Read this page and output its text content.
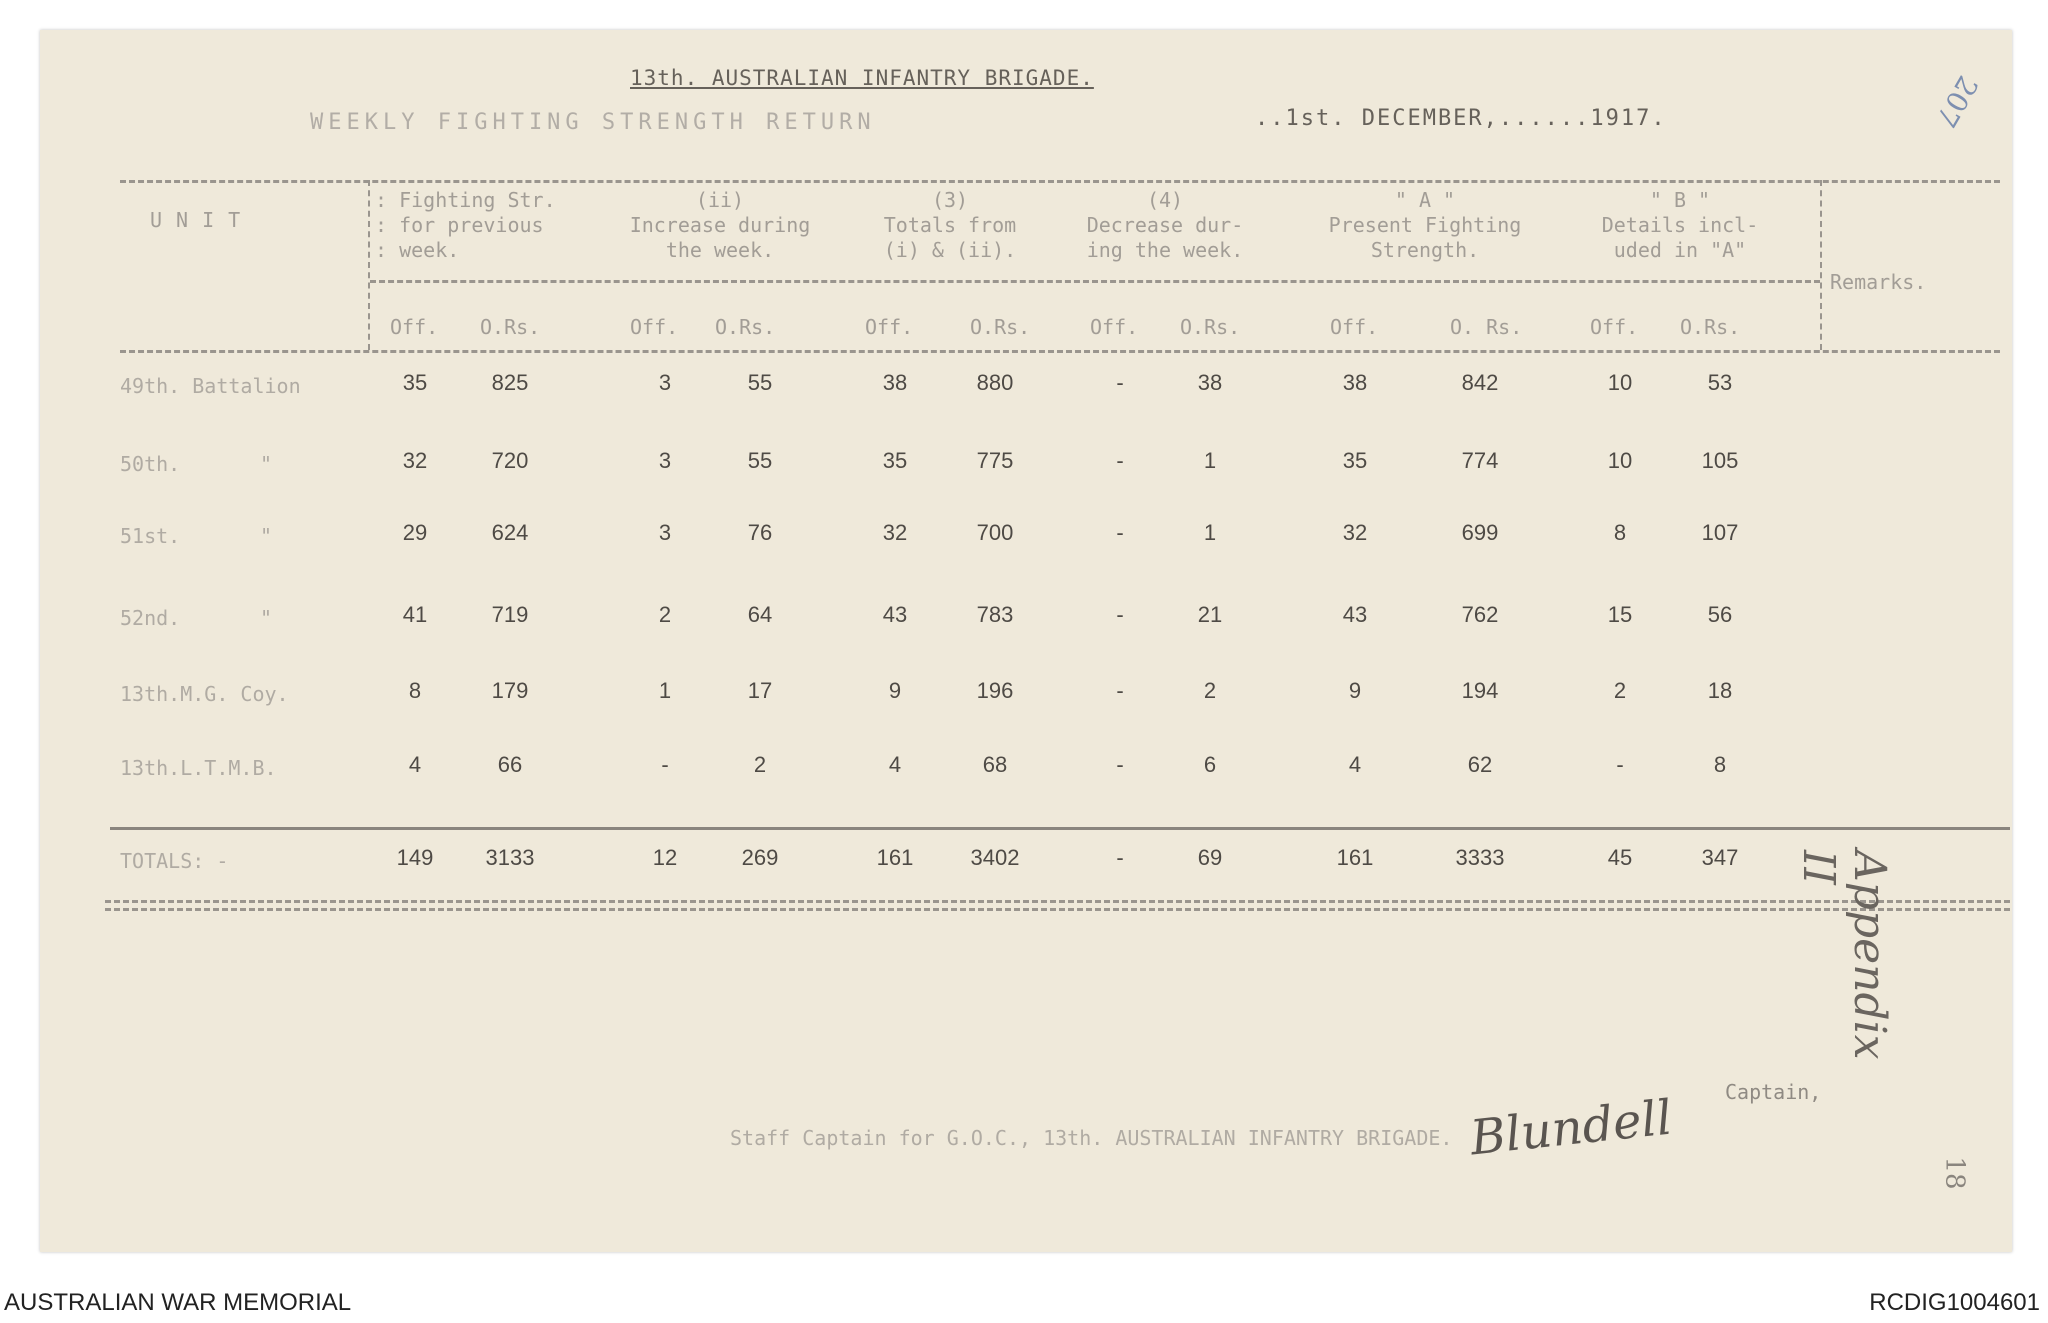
13th. AUSTRALIAN INFANTRY BRIGADE.
WEEKLY FIGHTING STRENGTH RETURN	..1st. DECEMBER,......1917.	207
UNIT
: Fighting Str.
: for previous
: week.
(ii)
Increase during
the week.
(3)
Totals from
(i) & (ii).
(4)
Decrease dur-
ing the week.
" A "
Present Fighting
Strength.
" B "
Details incl-
uded in "A"
Remarks.
Off. O.Rs.	Off. O.Rs.	Off.	O.Rs.	Off. O.Rs.	Off.	O. Rs.	Off. O.Rs.
49th. Battalion	35	825	3	55	38	880	-	38	38	842	10	53
50th.	"	32	720	3	55	35	775	-	1	35	774	10	105
51st.	"	29	624	3	76	32	700	-	1	32	699	8	107
52nd.	"	41	719	2	64	43	783	-	21	43	762	15	56
13th.M.G. Coy.	8	179	1	17	9	196	-	2	9	194	2	18
13th.L.T.M.B.	4	66	-	2	4	68	-	6	4	62	-	8
TOTALS: -	149	3133	12	269	161	3402	-	69	161	3333	45	347
Blundell	Captain,
Staff Captain for G.O.C., 13th. AUSTRALIAN INFANTRY BRIGADE.
Appendix II
18
AUSTRALIAN WAR MEMORIAL	RCDIG1004601
